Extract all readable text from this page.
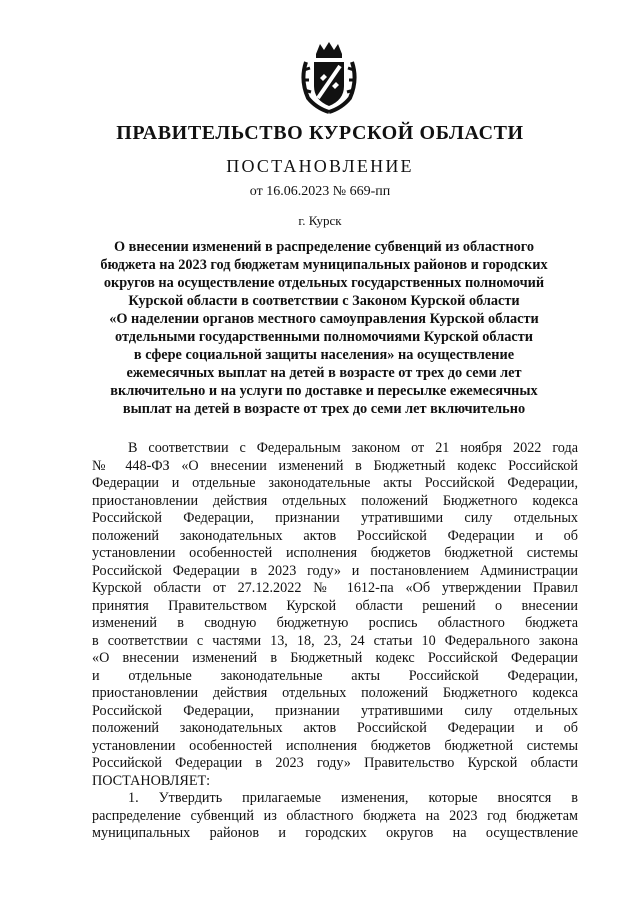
ПРАВИТЕЛЬСТВО КУРСКОЙ ОБЛАСТИ
ПОСТАНОВЛЕНИЕ
от 16.06.2023 № 669-пп
г. Курск
О внесении изменений в распределение субвенций из областного
бюджета на 2023 год бюджетам муниципальных районов и городских
округов на осуществление отдельных государственных полномочий
Курской области в соответствии с Законом Курской области
«О наделении органов местного самоуправления Курской области
отдельными государственными полномочиями Курской области
в сфере социальной защиты населения» на осуществление
ежемесячных выплат на детей в возрасте от трех до семи лет
включительно и на услуги по доставке и пересылке ежемесячных
выплат на детей в возрасте от трех до семи лет включительно
В соответствии с Федеральным законом от 21 ноября 2022 года
№ 448-ФЗ «О внесении изменений в Бюджетный кодекс Российской
Федерации и отдельные законодательные акты Российской Федерации,
приостановлении действия отдельных положений Бюджетного кодекса
Российской Федерации, признании утратившими силу отдельных
положений законодательных актов Российской Федерации и об
установлении особенностей исполнения бюджетов бюджетной системы
Российской Федерации в 2023 году» и постановлением Администрации
Курской области от 27.12.2022 № 1612-па «Об утверждении Правил
принятия Правительством Курской области решений о внесении
изменений в сводную бюджетную роспись областного бюджета
в соответствии с частями 13, 18, 23, 24 статьи 10 Федерального закона
«О внесении изменений в Бюджетный кодекс Российской Федерации
и отдельные законодательные акты Российской Федерации,
приостановлении действия отдельных положений Бюджетного кодекса
Российской Федерации, признании утратившими силу отдельных
положений законодательных актов Российской Федерации и об
установлении особенностей исполнения бюджетов бюджетной системы
Российской Федерации в 2023 году» Правительство Курской области
ПОСТАНОВЛЯЕТ:
1. Утвердить прилагаемые изменения, которые вносятся в
распределение субвенций из областного бюджета на 2023 год бюджетам
муниципальных районов и городских округов на осуществление
